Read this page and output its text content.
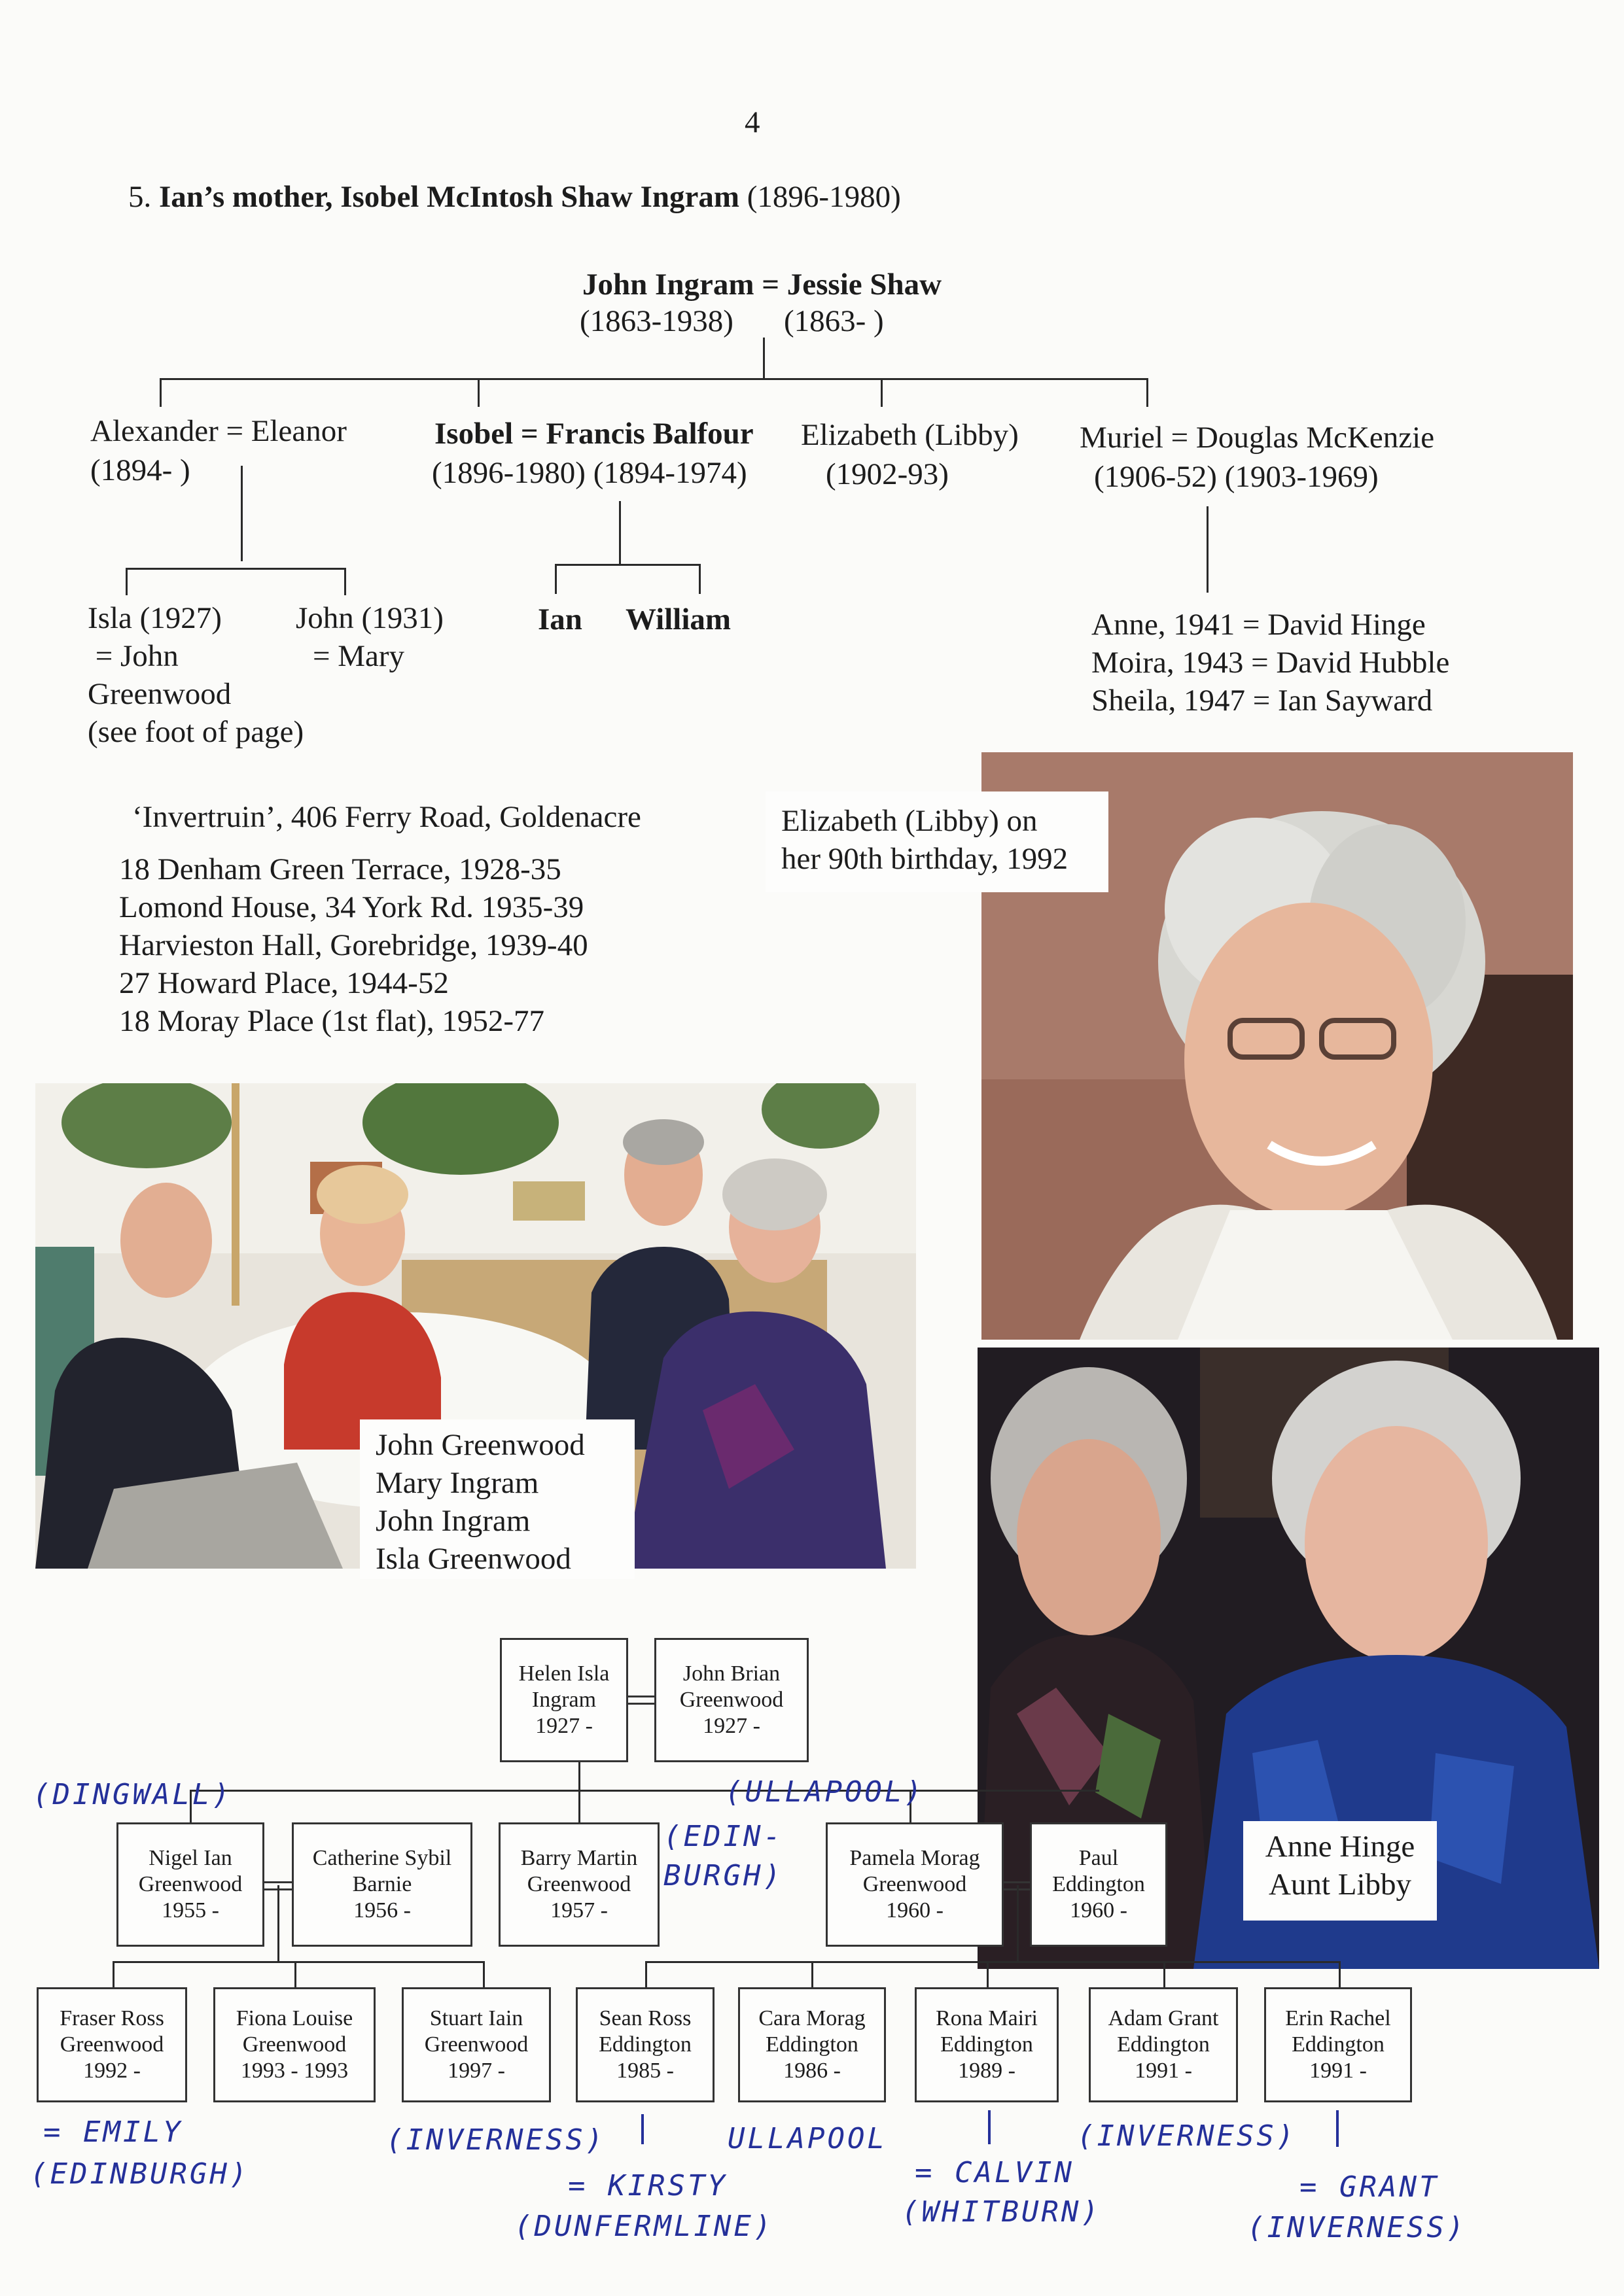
4
5. Ian’s mother, Isobel McIntosh Shaw Ingram (1896-1980)
John Ingram = Jessie Shaw
(1863-1938) (1863- )
Alexander = Eleanor
(1894- )
Isobel = Francis Balfour
(1896-1980) (1894-1974)
Elizabeth (Libby)
(1902-93)
Muriel = Douglas McKenzie
(1906-52) (1903-1969)
Isla (1927)
= John
Greenwood
(see foot of page)
John (1931)
= Mary
Ian William	Anne, 1941 = David Hinge
Moira, 1943 = David Hubble
Sheila, 1947 = Ian Sayward
‘Invertruin’, 406 Ferry Road, Goldenacre
18 Denham Green Terrace, 1928-35
Lomond House, 34 York Rd. 1935-39
Harvieston Hall, Gorebridge, 1939-40
27 Howard Place, 1944-52
18 Moray Place (1st flat), 1952-77
Elizabeth (Libby) on
her 90th birthday, 1992
John Greenwood
Mary Ingram
John Ingram
Isla Greenwood
Anne Hinge
Aunt Libby
Helen Isla
Ingram
1927 -
John Brian
Greenwood
1927 -
Nigel Ian
Greenwood
1955 -
Catherine Sybil
Barnie
1956 -
Barry Martin
Greenwood
1957 -
Pamela Morag
Greenwood
1960 -
Paul
Eddington
1960 -
Fraser Ross
Greenwood
1992 -
Fiona Louise
Greenwood
1993 - 1993
Stuart Iain
Greenwood
1997 -
Sean Ross
Eddington
1985 -
Cara Morag
Eddington
1986 -
Rona Mairi
Eddington
1989 -
Adam Grant
Eddington
1991 -
Erin Rachel
Eddington
1991 -
(DINGWALL)	(ULLAPOOL)
(EDIN-
BURGH)
= EMILY
(EDINBURGH)
(INVERNESS)
= KIRSTY
(DUNFERMLINE)
ULLAPOOL
= CALVIN
(WHITBURN)
(INVERNESS)
= GRANT
(INVERNESS)
